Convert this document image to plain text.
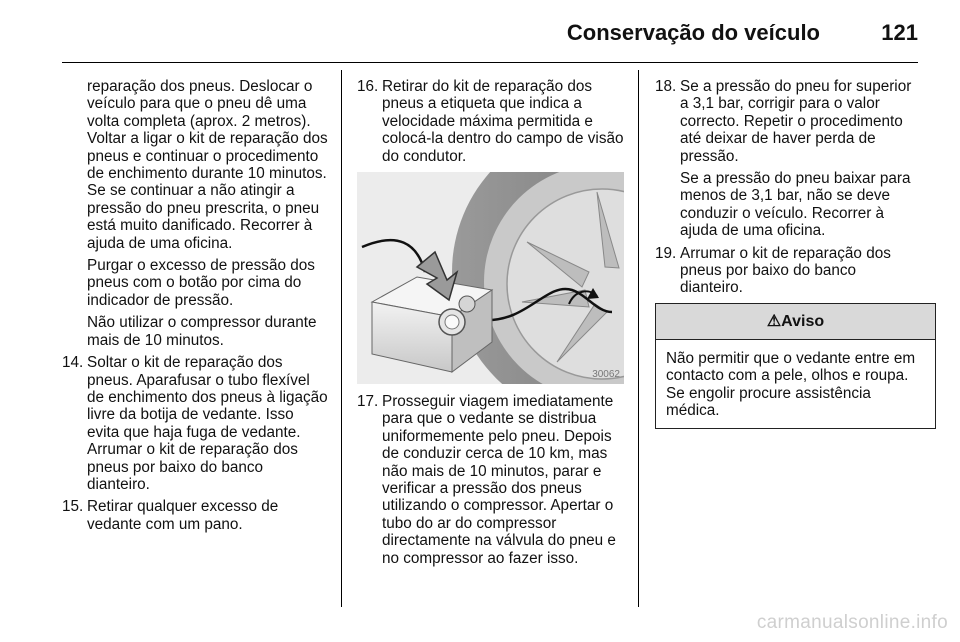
Conservação do veículo	121

reparação dos pneus. Deslocar o veículo para que o pneu dê uma volta completa (aprox. 2 metros). Voltar a ligar o kit de reparação dos pneus e continuar o procedimento de enchimento durante 10 minutos. Se se continuar a não atingir a pressão do pneu prescrita, o pneu está muito danificado. Recorrer à ajuda de uma oficina.

Purgar o excesso de pressão dos pneus com o botão por cima do indicador de pressão.

Não utilizar o compressor durante mais de 10 minutos.

14. Soltar o kit de reparação dos pneus. Aparafusar o tubo flexível de enchimento dos pneus à ligação livre da botija de vedante. Isso evita que haja fuga de vedante. Arrumar o kit de reparação dos pneus por baixo do banco dianteiro.
15. Retirar qualquer excesso de vedante com um pano.
16. Retirar do kit de reparação dos pneus a etiqueta que indica a velocidade máxima permitida e colocá-la dentro do campo de visão do condutor.
30062
17. Prosseguir viagem imediatamente para que o vedante se distribua uniformemente pelo pneu. Depois de conduzir cerca de 10 km, mas não mais de 10 minutos, parar e verificar a pressão dos pneus utilizando o compressor. Apertar o tubo do ar do compressor directamente na válvula do pneu e no compressor ao fazer isso.
18. Se a pressão do pneu for superior a 3,1 bar, corrigir para o valor correcto. Repetir o procedimento até deixar de haver perda de pressão.

Se a pressão do pneu baixar para menos de 3,1 bar, não se deve conduzir o veículo. Recorrer à ajuda de uma oficina.

19. Arrumar o kit de reparação dos pneus por baixo do banco dianteiro.
⚠ Aviso
Não permitir que o vedante entre em contacto com a pele, olhos e roupa. Se engolir procure assistência médica.
carmanualsonline.info
